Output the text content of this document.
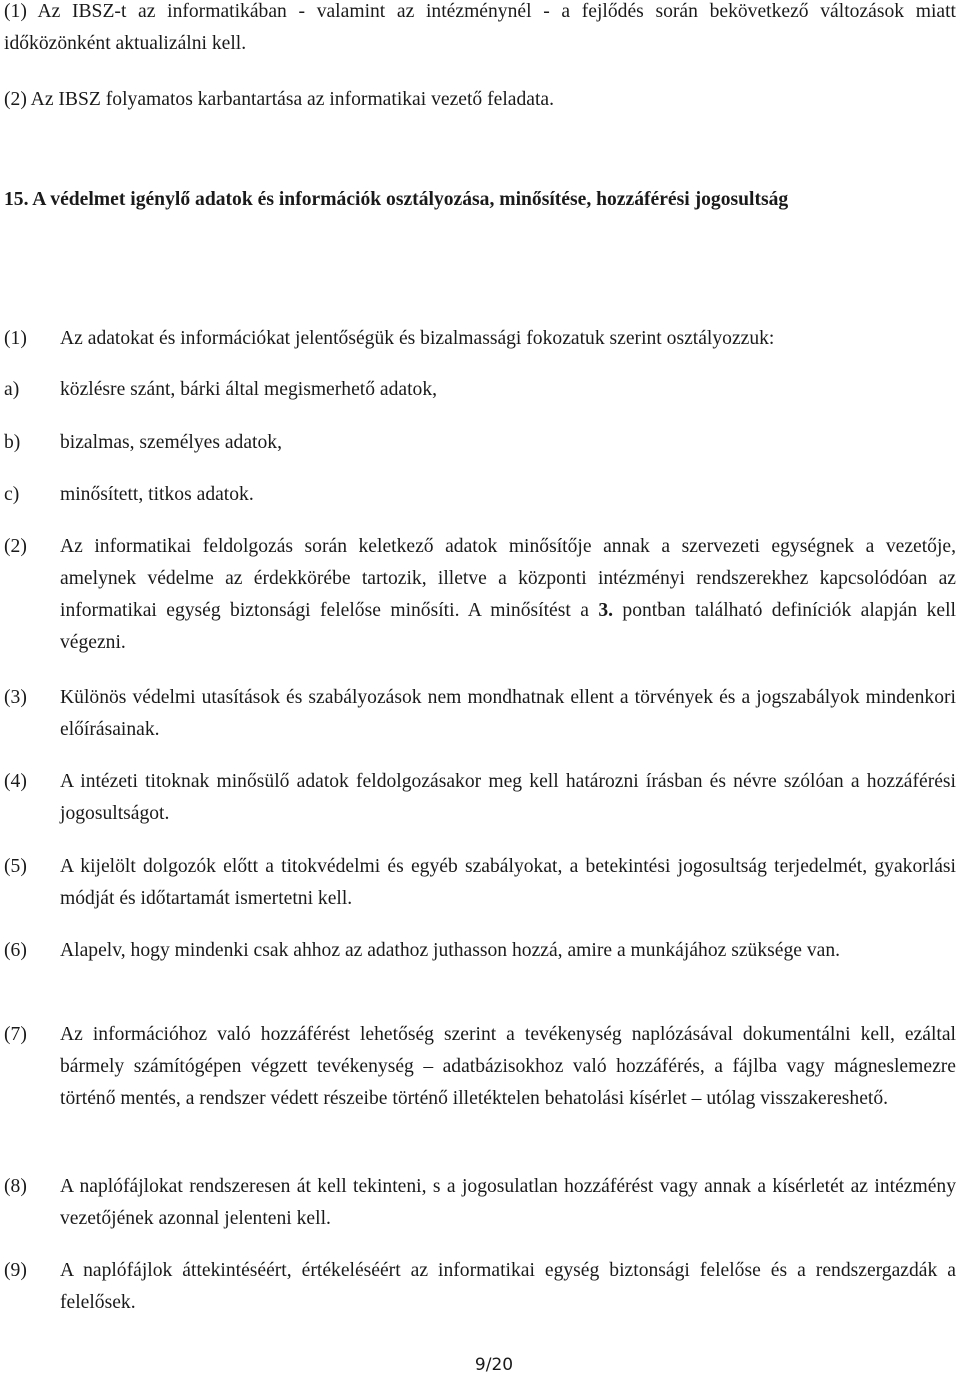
(1) Az IBSZ-t az informatikában - valamint az intézménynél - a fejlődés során bekövetkező változások miatt időközönként aktualizálni kell.

(2) Az IBSZ folyamatos karbantartása az informatikai vezető feladata.

15. A védelmet igénylő adatok és információk osztályozása, minősítése, hozzáférési jogosultság

(1) Az adatokat és információkat jelentőségük és bizalmassági fokozatuk szerint osztályozzuk:

a) közlésre szánt, bárki által megismerhető adatok,

b) bizalmas, személyes adatok,

c) minősített, titkos adatok.

(2) Az informatikai feldolgozás során keletkező adatok minősítője annak a szervezeti egységnek a vezetője, amelynek védelme az érdekkörébe tartozik, illetve a központi intézményi rendszerekhez kapcsolódóan az informatikai egység biztonsági felelőse minősíti. A minősítést a 3. pontban található definíciók alapján kell végezni.

(3) Különös védelmi utasítások és szabályozások nem mondhatnak ellent a törvények és a jogszabályok mindenkori előírásainak.

(4) A intézeti titoknak minősülő adatok feldolgozásakor meg kell határozni írásban és névre szólóan a hozzáférési jogosultságot.

(5) A kijelölt dolgozók előtt a titokvédelmi és egyéb szabályokat, a betekintési jogosultság terjedelmét, gyakorlási módját és időtartamát ismertetni kell.

(6) Alapelv, hogy mindenki csak ahhoz az adathoz juthasson hozzá, amire a munkájához szüksége van.

(7) Az információhoz való hozzáférést lehetőség szerint a tevékenység naplózásával dokumentálni kell, ezáltal bármely számítógépen végzett tevékenység – adatbázisokhoz való hozzáférés, a fájlba vagy mágneslemezre történő mentés, a rendszer védett részeibe történő illetéktelen behatolási kísérlet – utólag visszakereshető.

(8) A naplófájlokat rendszeresen át kell tekinteni, s a jogosulatlan hozzáférést vagy annak a kísérletét az intézmény vezetőjének azonnal jelenteni kell.

(9) A naplófájlok áttekintéséért, értékeléséért az informatikai egység biztonsági felelőse és a rendszergazdák a felelősek.

9/20
